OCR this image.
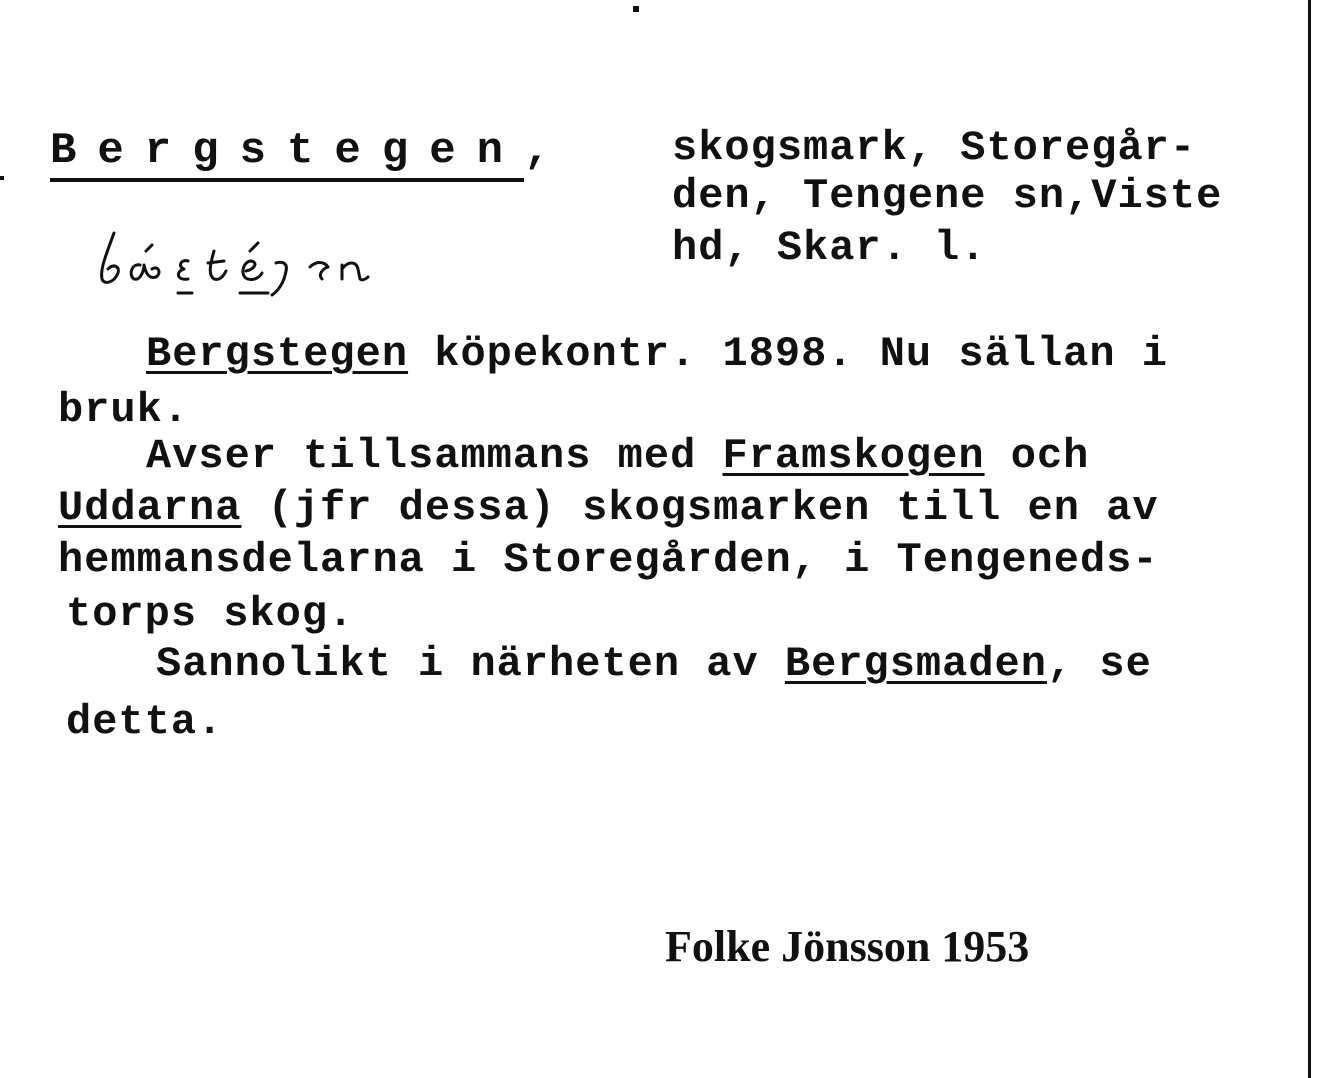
Bergstegen,	skogsmark, Storegår-
den, Tengene sn,Viste
hd, Skar. l.
Bergstegen köpekontr. 1898. Nu sällan i
bruk.
Avser tillsammans med Framskogen och
Uddarna (jfr dessa) skogsmarken till en av
hemmansdelarna i Storegården, i Tengeneds-
torps skog.
Sannolikt i närheten av Bergsmaden, se
detta.
Folke Jönsson 1953
